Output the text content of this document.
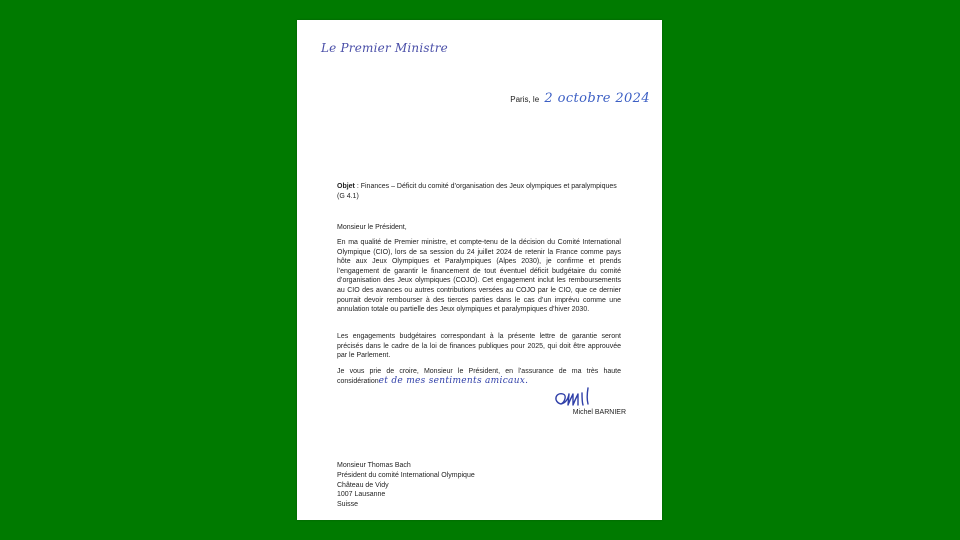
Le Premier Ministre
Paris, le 2 octobre 2024
Objet : Finances – Déficit du comité d’organisation des Jeux olympiques et paralympiques (G 4.1)
Monsieur le Président,

En ma qualité de Premier ministre, et compte-tenu de la décision du Comité International Olympique (CIO), lors de sa session du 24 juillet 2024 de retenir la France comme pays hôte aux Jeux Olympiques et Paralympiques (Alpes 2030), je confirme et prends l’engagement de garantir le financement de tout éventuel déficit budgétaire du comité d’organisation des Jeux olympiques (COJO). Cet engagement inclut les remboursements au CIO des avances ou autres contributions versées au COJO par le CIO, que ce dernier pourrait devoir rembourser à des tierces parties dans le cas d’un imprévu comme une annulation totale ou partielle des Jeux olympiques et paralympiques d’hiver 2030.

Les engagements budgétaires correspondant à la présente lettre de garantie seront précisés dans le cadre de la loi de finances publiques pour 2025, qui doit être approuvée par le Parlement.

Je vous prie de croire, Monsieur le Président, en l’assurance de ma très haute considérationet de mes sentiments amicaux.

Michel BARNIER
Monsieur Thomas Bach
Président du comité International Olympique
Château de Vidy
1007 Lausanne
Suisse
